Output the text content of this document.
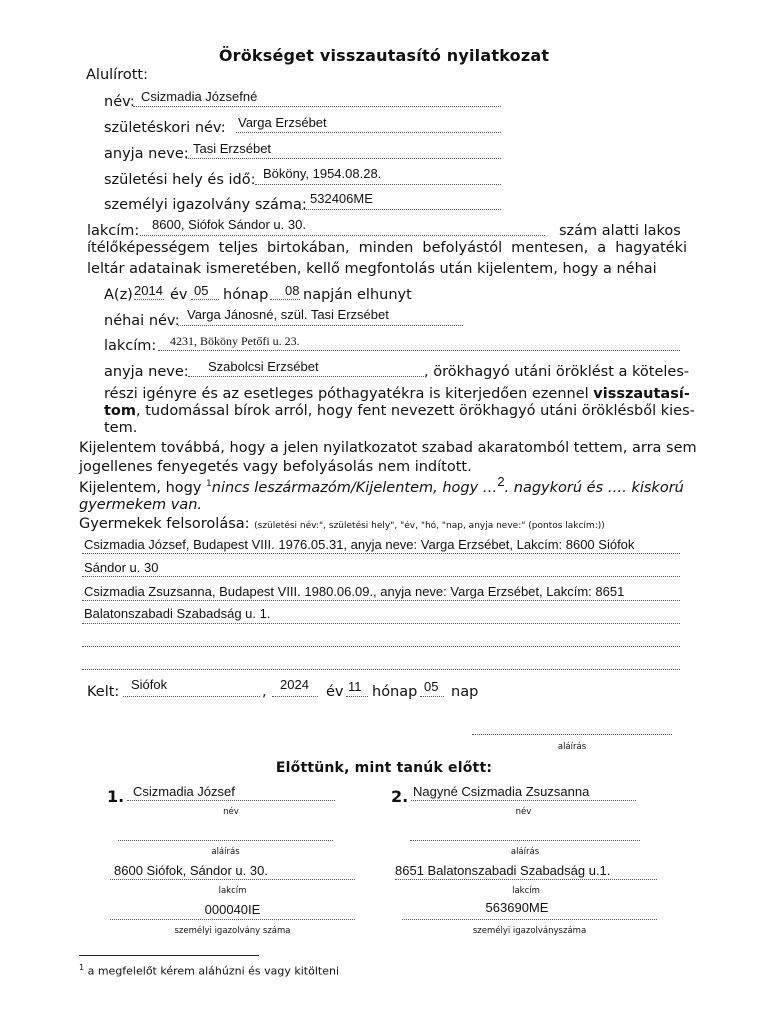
Örökséget visszautasító nyilatkozat
Alulírott:
név: Csizmadia Józsefné
születéskori név: Varga Erzsébet
anyja neve: Tasi Erzsébet
születési hely és idő: Bököny, 1954.08.28.
személyi igazolvány száma: 532406ME
lakcím: 8600, Siófok Sándor u. 30.	szám alatti lakos
ítélőképességem teljes birtokában, minden befolyástól mentesen, a hagyatéki leltár adatainak ismeretében, kellő megfontolás után kijelentem, hogy a néhai
A(z) 2014 év 05 hónap 08 napján elhunyt
néhai név: Varga Jánosné, szül. Tasi Erzsébet
lakcím: 4231, Bököny Petőfi u. 23.
anyja neve: Szabolcsi Erzsébet	, örökhagyó utáni öröklést a köteles-
részi igényre és az esetleges póthagyatékra is kiterjedően ezennel visszautasí-
tom, tudomással bírok arról, hogy fent nevezett örökhagyó utáni öröklésből kies-
tem.
Kijelentem továbbá, hogy a jelen nyilatkozatot szabad akaratomból tettem, arra sem
jogellenes fenyegetés vagy befolyásolás nem indított.
Kijelentem, hogy $^1$nincs leszármazóm/Kijelentem, hogy …2. nagykorú és …. kiskorú
gyermekem van.
Gyermekek felsorolása: (születési név:", születési hely", "év, "hó, "nap, anyja neve:" (pontos lakcím:))
Csizmadia József, Budapest VIII. 1976.05.31, anyja neve: Varga Erzsébet, Lakcím: 8600 Siófok
Sándor u. 30
Csizmadia Zsuzsanna, Budapest VIII. 1980.06.09., anyja neve: Varga Erzsébet, Lakcím: 8651
Balatonszabadi Szabadság u. 1.
Kelt: Siófok	, 2024 év 11 hónap 05 nap
aláírás
Előttünk, mint tanúk előtt:
1. Csizmadia József
név
aláírás
8600 Siófok, Sándor u. 30.
lakcím
000040IE
személyi igazolvány száma
2. Nagyné Csizmadia Zsuzsanna
név
aláírás
8651 Balatonszabadi Szabadság u.1.
lakcím
563690ME
személyi igazolványszáma
$^1$ a megfelelőt kérem aláhúzni és vagy kitölteni
